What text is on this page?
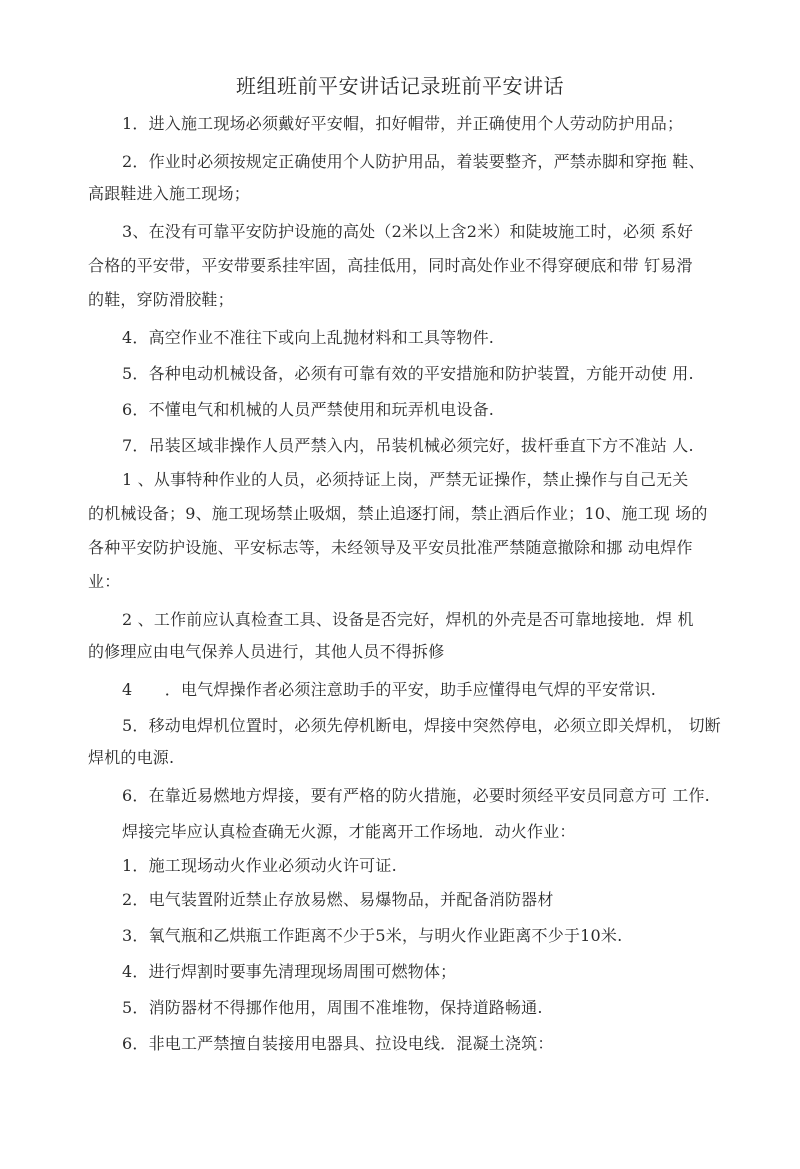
班组班前平安讲话记录班前平安讲话
1．进入施工现场必须戴好平安帽，扣好帽带，并正确使用个人劳动防护用品；
2．作业时必须按规定正确使用个人防护用品，着装要整齐，严禁赤脚和穿拖 鞋、
高跟鞋进入施工现场；
3、在没有可靠平安防护设施的高处（2米以上含2米）和陡坡施工时，必须 系好
合格的平安带，平安带要系挂牢固，高挂低用，同时高处作业不得穿硬底和带 钉易滑
的鞋，穿防滑胶鞋；
4．高空作业不准往下或向上乱抛材料和工具等物件.
5．各种电动机械设备，必须有可靠有效的平安措施和防护装置，方能开动使 用.
6．不懂电气和机械的人员严禁使用和玩弄机电设备.
7．吊装区域非操作人员严禁入内，吊装机械必须完好，拔杆垂直下方不准站 人.
1 、从事特种作业的人员，必须持证上岗，严禁无证操作，禁止操作与自己无关
的机械设备；9、施工现场禁止吸烟，禁止追逐打闹，禁止酒后作业；10、施工现 场的
各种平安防护设施、平安标志等，未经领导及平安员批准严禁随意撤除和挪 动电焊作
业：
2 、工作前应认真检查工具、设备是否完好，焊机的外壳是否可靠地接地．焊 机
的修理应由电气保养人员进行，其他人员不得拆修
4　　．电气焊操作者必须注意助手的平安，助手应懂得电气焊的平安常识.
5．移动电焊机位置时，必须先停机断电，焊接中突然停电，必须立即关焊机， 切断
焊机的电源.
6．在靠近易燃地方焊接，要有严格的防火措施，必要时须经平安员同意方可 工作.
焊接完毕应认真检查确无火源，才能离开工作场地．动火作业：
1．施工现场动火作业必须动火许可证.
2．电气装置附近禁止存放易燃、易爆物品，并配备消防器材
3．氧气瓶和乙烘瓶工作距离不少于5米，与明火作业距离不少于10米.
4．进行焊割时要事先清理现场周围可燃物体；
5．消防器材不得挪作他用，周围不准堆物，保持道路畅通.
6．非电工严禁擅自装接用电器具、拉设电线．混凝土浇筑：
